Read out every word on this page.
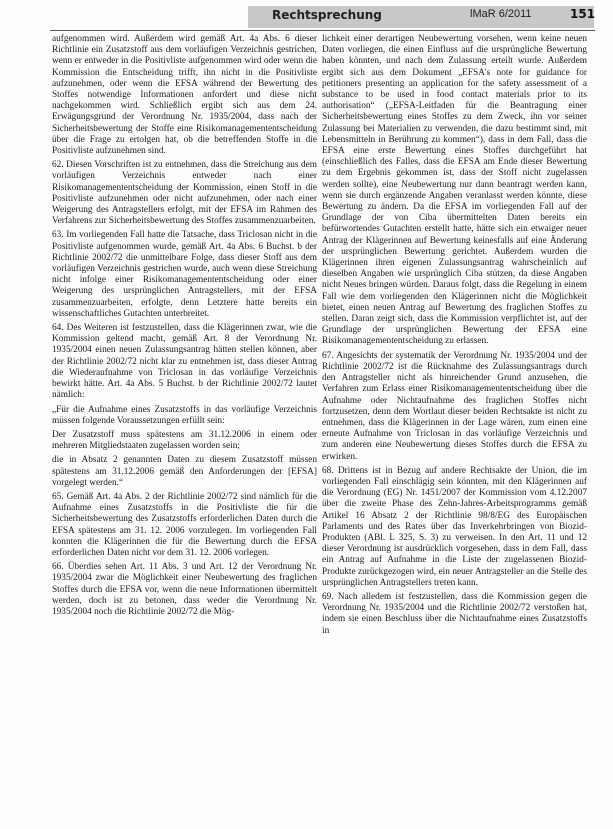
Rechtsprechung	lMaR 6/2011	151

aufgenommen wird. Außerdem wird gemäß Art. 4a Abs. 6 dieser Richtlinie ein Zusatzstoff aus dem vorläufigen Verzeichnis gestrichen, wenn er entweder in die Positivliste aufgenommen wird oder wenn die Kommission die Entscheidung trifft, ihn nicht in die Positivliste aufzunehmen, oder wenn die EFSA während der Bewertung des Stoffes notwendige Informationen anfordert und diese nicht nachgekommen wird. Schließlich ergibt sich aus dem 24. Erwägungsgrund der Verordnung Nr. 1935/2004, dass nach der Sicherheitsbewertung der Stoffe eine Risikomanagemententscheidung über die Frage zu ertolgen hat, ob die betreffenden Stoffe in die Positivliste aufzunehmen sind.

62. Diesen Vorschriften ist zu entnehmen, dass die Streichung aus dem vorläufigen Verzeichnis entweder nach einer Risikomanagemententscheidung der Kommission, einen Stoff in die Positivliste aufzunehmen oder nicht aufzunehmen, oder nach einer Weigerung des Antragstellers erfolgt, mit der EFSA im Rahmen des Verfahrens zur Sicherheitsbewertung des Stoffes zusammenzuarbeiten.

63. Im vorliegenden Fall hatte die Tatsache, dass Triclosan nicht in die Positivliste aufgenommen wurde, gemäß Art. 4a Abs. 6 Buchst. b der Richtlinie 2002/72 die unmittelbare Folge, dass dieser Stoff aus dem vorläufigen Verzeichnis gestrichen wurde, auch wenn diese Streichung nicht infolge einer Risikomanagemententscheidung oder einer Weigerung des ursprünglichen Antragstellers, mit der EFSA zusammenzuarbeiten, erfolgte, denn Letztere hatte bereits ein wissenschaftliches Gutachten unterbreitet.

64. Des Weiteren ist festzustellen, dass die Klägerinnen zwar, wie die Kommission geltend macht, gemäß Art. 8 der Verordnung Nr. 1935/2004 einen neuen Zulassungsantrag hätten stellen können, aber der Richtlinie 2002/72 nicht klar zu entnehmen ist, dass dieser Antrag die Wiederaufnahme von Triclosan in das vorläufige Verzeichnis bewirkt hätte. Art. 4a Abs. 5 Buchst. b der Richtlinie 2002/72 lautet nämlich:

„Für die Aufnahme eines Zusatzstoffs in das vorläufige Verzeichnis müssen folgende Voraussetzungen erfüllt sein:

Der Zusatzstoff muss spätestens am 31.12.2006 in einem oder mehreren Mitgliedstaaten zugelassen worden sein;

die in Absatz 2 genannten Daten zu diesem Zusatzstoff müssen spätestens am 31.12.2006 gemäß den Anforderungen der [EFSA] vorgelegt werden.“

65. Gemäß Art. 4a Abs. 2 der Richtlinie 2002/72 sind nämlich für die Aufnahme eines Zusatzstoffs in die Positivliste die für die Sicherheitsbewertung des Zusatzstoffs erforderlichen Daten durch die EFSA spätestens am 31. 12. 2006 vorzulegen. Im vorliegenden Fall konnten die Klägerinnen die für die Bewertung durch die EFSA erforderlichen Daten nicht vor dem 31. 12. 2006 vorlegen.

66. Überdies sehen Art. 11 Abs. 3 und Art. 12 der Verordnung Nr. 1935/2004 zwar die Möglichkeit einer Neubewertung des fraglichen Stoffes durch die EFSA vor, wenn die neue Informationen übermittelt werden, doch ist zu betonen, dass weder die Verordnung Nr. 1935/2004 noch die Richtlinie 2002/72 die Mög-

lichkeit einer derartigen Neubewertung vorsehen, wenn keine neuen Daten vorliegen, die einen Einfluss auf die ursprüngliche Bewertung haben könnten, und nach dem Zulassung erteilt wurde. Außerdem ergibt sich aus dem Dokument „EFSA's note for guidance for petitioners presenting an application for the safety assessment of a substance to be used in food contact materials prior to its authorisation“ („EFSA-Leitfaden für die Beantragung einer Sicherheitsbewertung eines Stoffes zu dem Zweck, ihn vor seiner Zulassung bei Materialien zu verwenden, die dazu bestimmt sind, mit Lebensmitteln in Berührung zu kommen“), dass in dem Fall, dass die EFSA eine erste Bewertung eines Stoffes durchgeführt hat (einschließlich des Falles, dass die EFSA am Ende dieser Bewertung zu dem Ergebnis gekommen ist, dass der Stoff nicht zugelassen werden sollte), eine Neubewertung nur dann beantragt werden kann, wenn sie durch ergänzende Angaben veranlasst werden könnte, diese Bewertung zu ändern. Da die EFSA im vorliegenden Fall auf der Grundlage der von Ciba übermittelten Daten bereits ein befürwortendes Gutachten erstellt hatte, hätte sich ein etwaiger neuer Antrag der Klägerinnen auf Bewertung keinesfalls auf eine Änderung der ursprünglichen Bewertung gerichtet. Außerdem wurden die Klägerinnen ihren eigenen Zulassungsantrag wahrscheinlich auf dieselben Angaben wie ursprünglich Ciba stützen, da diese Angaben nicht Neues bringen würden. Daraus folgt, dass die Regelung in einem Fall wie dem vorliegenden den Klägerinnen nicht die Möglichkeit bietet, einen neuen Antrag auf Bewertung des fraglichen Stoffes zu stellen. Daran zeigt sich, dass die Kommission verpflichtet ist, auf der Grundlage der ursprünglichen Bewertung der EFSA eine Risikomanagemententscheidung zu erlassen.

67. Angesichts der systematik der Verordnung Nr. 1935/2004 und der Richtlinie 2002/72 ist die Rücknahme des Zulassungsantrags durch den Antragsteller nicht als hinreichender Grund anzusehen, die Verfahren zum Erlass einer Risikomanagemententscheidung über die Aufnahme oder Nichtaufnahme des fraglichen Stoffes nicht fortzusetzen, denn dem Wortlaut dieser beiden Rechtsakte ist nicht zu entnehmen, dass die Klägerinnen in der Lage wären, zum einen eine erneute Aufnahme von Triclosan in das vorläufige Verzeichnis und zum anderen eine Neubewertung dieses Stoffes durch die EFSA zu erwirken.

68. Drittens ist in Bezug auf andere Rechtsakte der Union, die im vorliegenden Fall einschlägig sein könnten, mit den Klägerinnen auf die Verordnung (EG) Nr. 1451/2007 der Kommission vom 4.12.2007 über die zweite Phase des Zehn-Jahres-Arbeitsprogramms gemäß Artikel 16 Absatz 2 der Richtlinie 98/8/EG des Europäischen Parlaments und des Rates über das Inverkehrbringen von Biozid-Produkten (ABl. L 325, S. 3) zu verweisen. In den Art. 11 und 12 dieser Verordnung ist ausdrücklich vorgesehen, dass in dem Fall, dass ein Antrag auf Aufnahme in die Liste der zugelassenen Biozid-Produkte zurückgezogen wird, ein neuer Antragsteller an die Stelle des ursprünglichen Antragstellers treten kann.

69. Nach alledem ist festzustellen, dass die Kommission gegen die Verordnung Nr. 1935/2004 und die Richtlinie 2002/72 verstoßen hat, indem sie einen Beschluss über die Nichtaufnahme eines Zusatzstoffs in
